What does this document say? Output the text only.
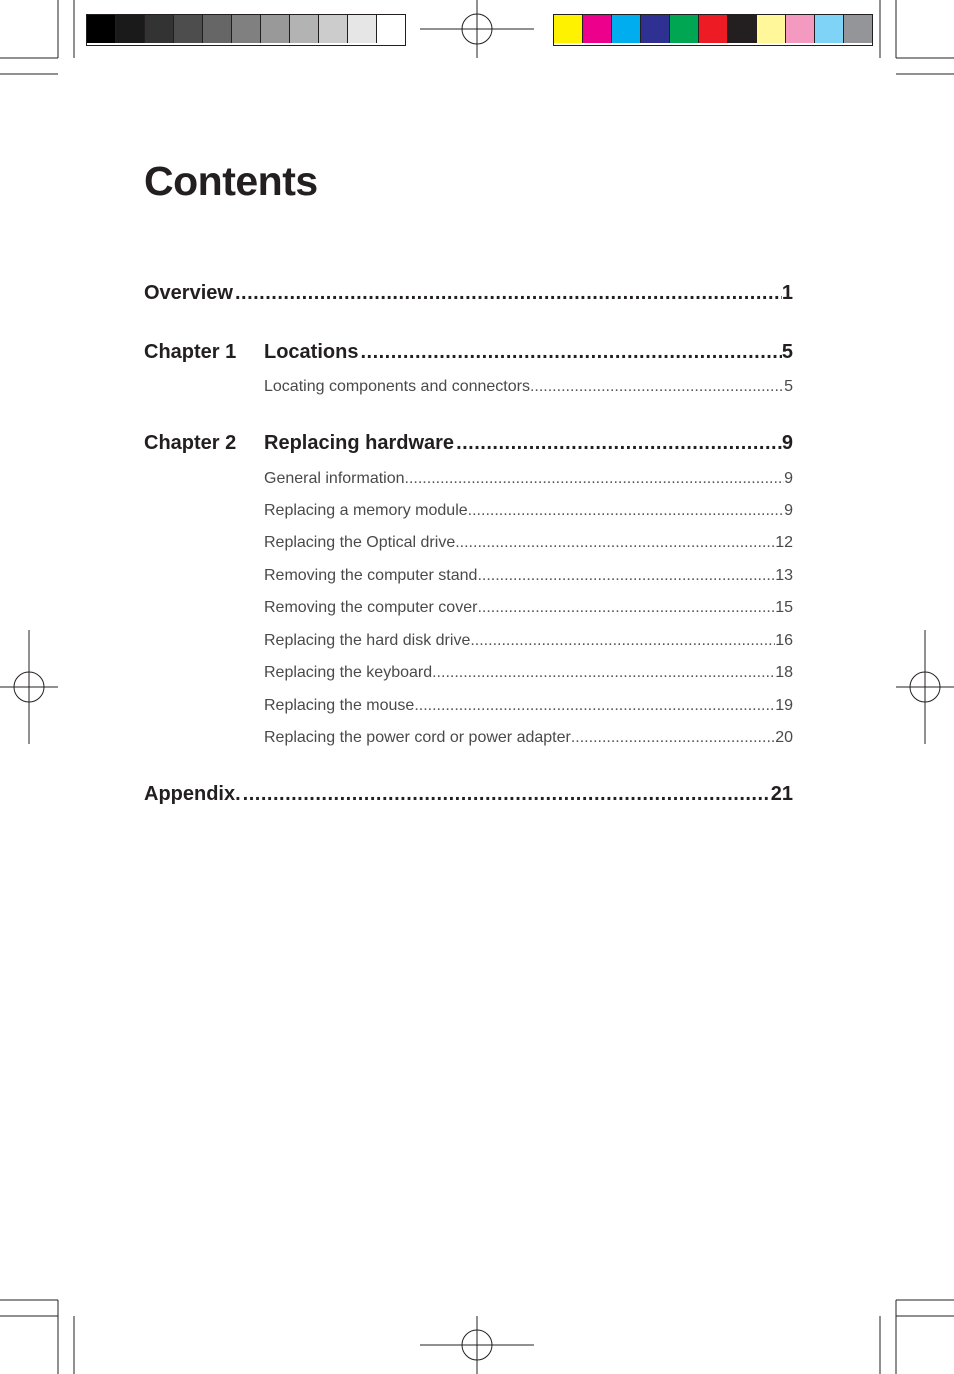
Contents
Overview .....	1
Chapter 1	Locations .....	5
Locating components and connectors .....	5
Chapter 2	Replacing hardware .....	9
General information .....	9
Replacing a memory module .....	9
Replacing the Optical drive .....	12
Removing the computer stand .....	13
Removing the computer cover .....	15
Replacing the hard disk drive .....	16
Replacing the keyboard .....	18
Replacing the mouse .....	19
Replacing the power cord or power adapter .....	20
Appendix. .....	21
